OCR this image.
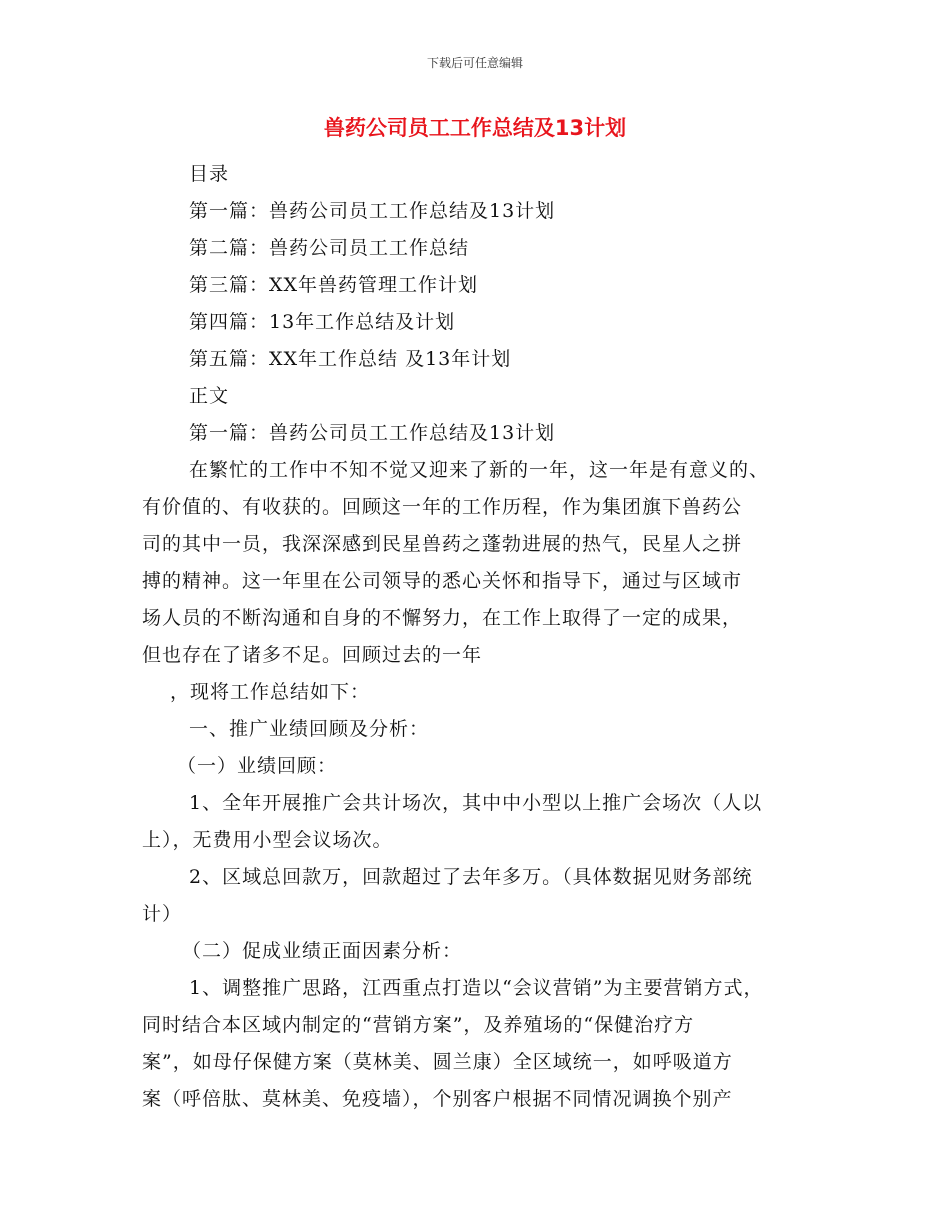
下载后可任意编辑
兽药公司员工工作总结及13计划
目录
第一篇：兽药公司员工工作总结及13计划
第二篇：兽药公司员工工作总结
第三篇：XX年兽药管理工作计划
第四篇：13年工作总结及计划
第五篇：XX年工作总结 及13年计划
正文
第一篇：兽药公司员工工作总结及13计划
在繁忙的工作中不知不觉又迎来了新的一年，这一年是有意义的、
有价值的、有收获的。回顾这一年的工作历程，作为集团旗下兽药公
司的其中一员，我深深感到民星兽药之蓬勃进展的热气，民星人之拼
搏的精神。这一年里在公司领导的悉心关怀和指导下，通过与区域市
场人员的不断沟通和自身的不懈努力，在工作上取得了一定的成果，
但也存在了诸多不足。回顾过去的一年
，现将工作总结如下：
一、推广业绩回顾及分析：
（一）业绩回顾：
1、全年开展推广会共计场次，其中中小型以上推广会场次（人以
上），无费用小型会议场次。
2、区域总回款万，回款超过了去年多万。（具体数据见财务部统
计）
（二）促成业绩正面因素分析：
1、调整推广思路，江西重点打造以“会议营销”为主要营销方式，
同时结合本区域内制定的“营销方案”，及养殖场的“保健治疗方
案”，如母仔保健方案（莫林美、圆兰康）全区域统一，如呼吸道方
案（呼倍肽、莫林美、免疫墙），个别客户根据不同情况调换个别产
